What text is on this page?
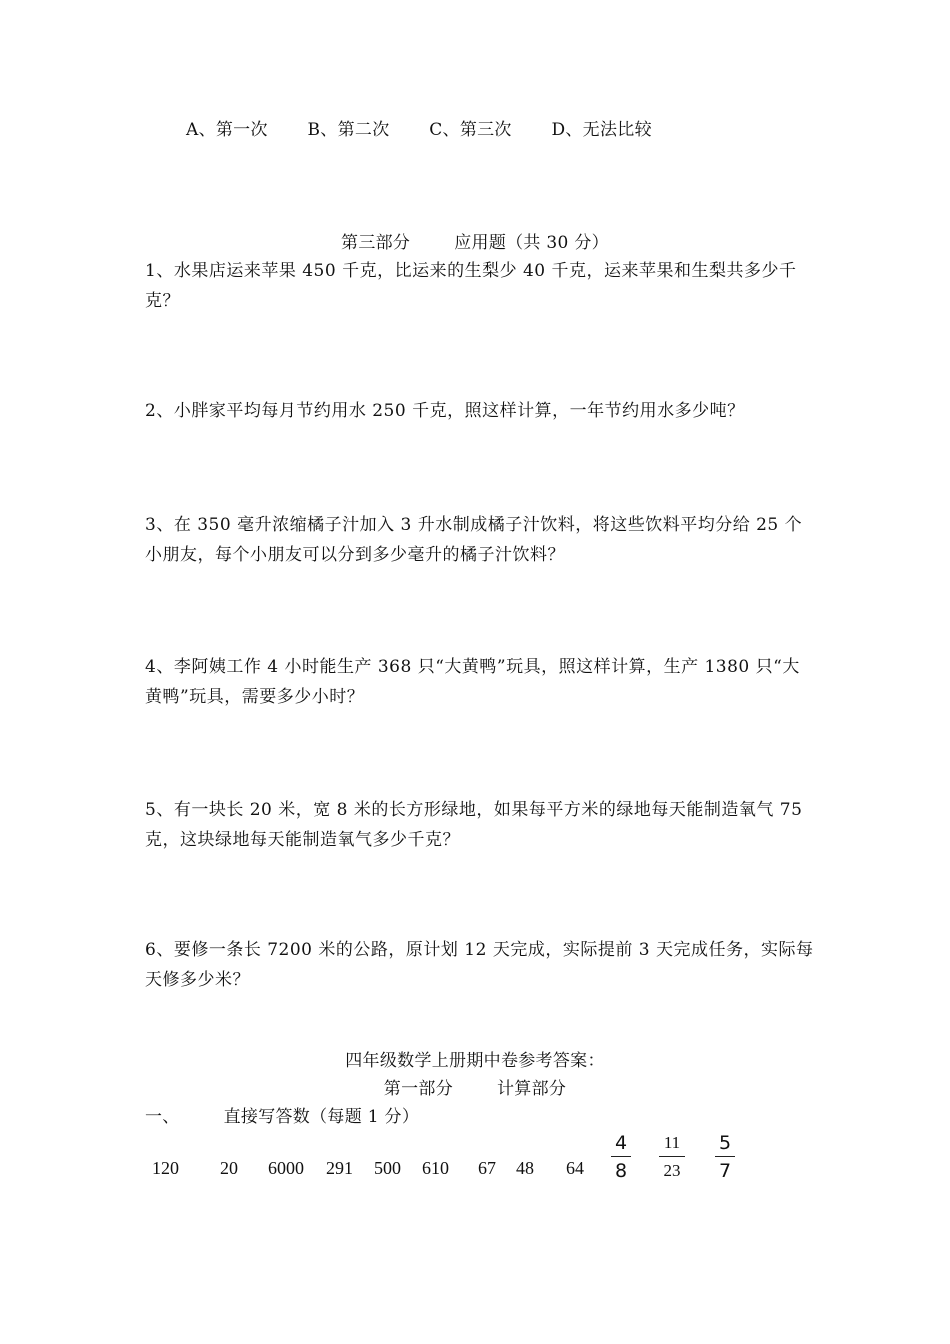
A、第一次 B、第二次 C、第三次 D、无法比较
第三部分	应用题（共 30 分）
1、水果店运来苹果 450 千克，比运来的生梨少 40 千克，运来苹果和生梨共多少千克？
2、小胖家平均每月节约用水 250 千克，照这样计算，一年节约用水多少吨？
3、在 350 毫升浓缩橘子汁加入 3 升水制成橘子汁饮料，将这些饮料平均分给 25 个小朋友，每个小朋友可以分到多少毫升的橘子汁饮料？
4、李阿姨工作 4 小时能生产 368 只“大黄鸭”玩具，照这样计算，生产 1380 只“大黄鸭”玩具，需要多少小时？
5、有一块长 20 米，宽 8 米的长方形绿地，如果每平方米的绿地每天能制造氧气 75 克，这块绿地每天能制造氧气多少千克？
6、要修一条长 7200 米的公路，原计划 12 天完成，实际提前 3 天完成任务，实际每天修多少米？
四年级数学上册期中卷参考答案：
第一部分	计算部分
一、	直接写答数（每题 1 分）
120 20 6000 291 500 610 67 48 64
4
8
11
23
5
7
